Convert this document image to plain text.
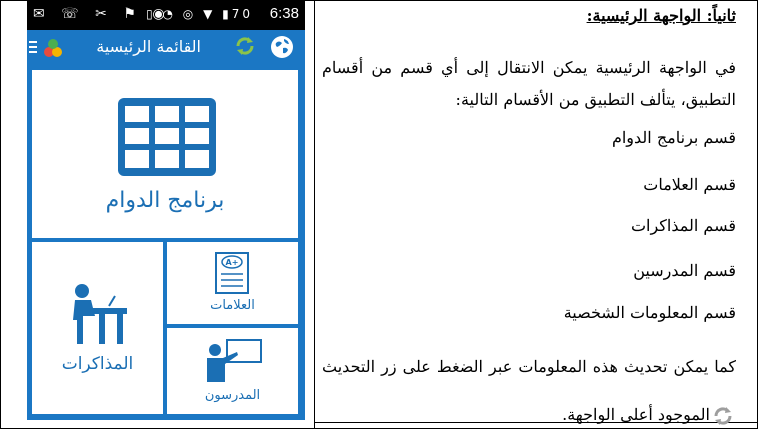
✉ ☏ ✂ ⚑ ◉
▯ ◔ ◎ ▼ ▮70 6:38
القائمة الرئيسية
برنامج الدوام
المذاكرات
A+
العلامات
المدرسون
ثانياً: الواجهة الرئيسية:
في الواجهة الرئيسية يمكن الانتقال إلى أي قسم من أقسام التطبيق، يتألف التطبيق من الأقسام التالية:
قسم برنامج الدوام
قسم العلامات
قسم المذاكرات
قسم المدرسين
قسم المعلومات الشخصية
كما يمكن تحديث هذه المعلومات عبر الضغط على زر التحديث الموجود أعلى الواجهة.
